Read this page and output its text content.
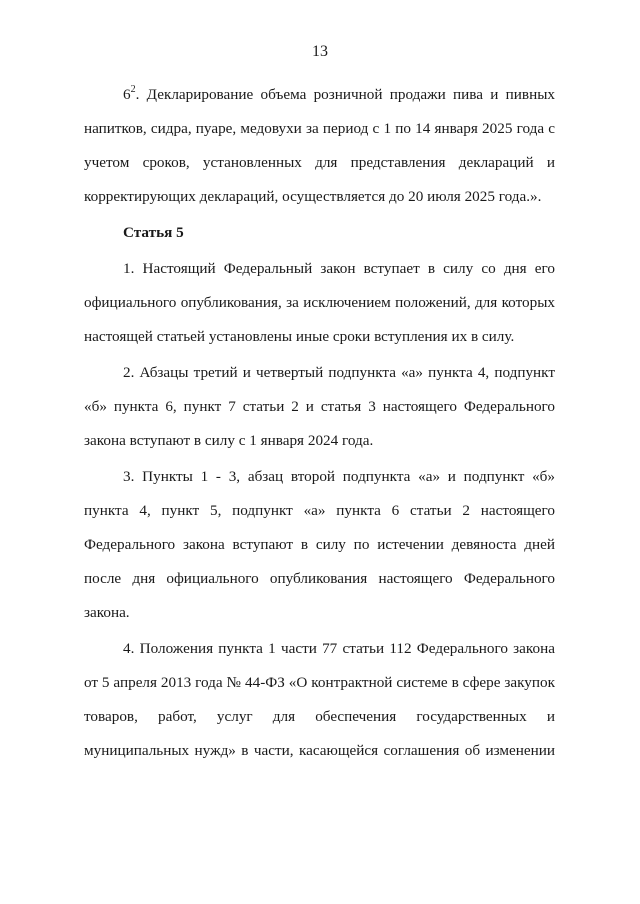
13
$6^2$. Декларирование объема розничной продажи пива и пивных
напитков, сидра, пуаре, медовухи за период с 1 по 14 января 2025 года с
учетом сроков, установленных для представления деклараций и
корректирующих деклараций, осуществляется до 20 июля 2025 года.».
Статья 5
1. Настоящий Федеральный закон вступает в силу со дня его
официального опубликования, за исключением положений, для которых
настоящей статьей установлены иные сроки вступления их в силу.
2. Абзацы третий и четвертый подпункта «а» пункта 4, подпункт
«б» пункта 6, пункт 7 статьи 2 и статья 3 настоящего Федерального
закона вступают в силу с 1 января 2024 года.
3. Пункты 1 - 3, абзац второй подпункта «а» и подпункт «б»
пункта 4, пункт 5, подпункт «а» пункта 6 статьи 2 настоящего
Федерального закона вступают в силу по истечении девяноста дней
после дня официального опубликования настоящего Федерального
закона.
4. Положения пункта 1 части 77 статьи 112 Федерального закона
от 5 апреля 2013 года № 44-ФЗ «О контрактной системе в сфере закупок
товаров, работ, услуг для обеспечения государственных и
муниципальных нужд» в части, касающейся соглашения об изменении
